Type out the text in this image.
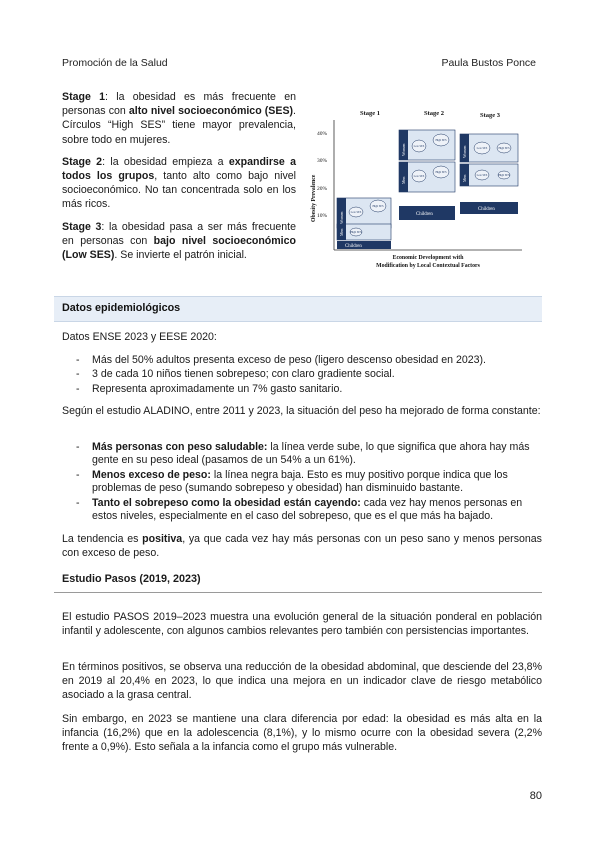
Promoción de la Salud	Paula Bustos Ponce

Stage 1: la obesidad es más frecuente en personas con alto nivel socioeconómico (SES). Círculos “High SES” tiene mayor prevalencia, sobre todo en mujeres.

Stage 2: la obesidad empieza a expandirse a todos los grupos, tanto alto como bajo nivel socioeconómico. No tan concentrada solo en los más ricos.

Stage 3: la obesidad pasa a ser más frecuente en personas con bajo nivel socioeconómico (Low SES). Se invierte el patrón inicial.

Stage 1	Stage 2	Stage 3
40%
30%
20%
10%
Obesity Prevalence	Women
Men
Children
Women
Men
Children
Women
Men
Children
Economic Development with
Modification by Local Contextual Factors
Low SES
High SES
High SES
Low SES
High SES
Low SES
High SES
Low SES	High SES
Low SES	High SES
Datos epidemiológicos
Datos ENSE 2023 y EESE 2020:
- Más del 50% adultos presenta exceso de peso (ligero descenso obesidad en 2023).
- 3 de cada 10 niños tienen sobrepeso; con claro gradiente social.
- Representa aproximadamente un 7% gasto sanitario.
Según el estudio ALADINO, entre 2011 y 2023, la situación del peso ha mejorado de forma constante:
- Más personas con peso saludable: la línea verde sube, lo que significa que ahora hay más gente en su peso ideal (pasamos de un 54% a un 61%).
- Menos exceso de peso: la línea negra baja. Esto es muy positivo porque indica que los problemas de peso (sumando sobrepeso y obesidad) han disminuido bastante.
- Tanto el sobrepeso como la obesidad están cayendo: cada vez hay menos personas en estos niveles, especialmente en el caso del sobrepeso, que es el que más ha bajado.
La tendencia es positiva, ya que cada vez hay más personas con un peso sano y menos personas con exceso de peso.
Estudio Pasos (2019, 2023)
El estudio PASOS 2019–2023 muestra una evolución general de la situación ponderal en población infantil y adolescente, con algunos cambios relevantes pero también con persistencias importantes.
En términos positivos, se observa una reducción de la obesidad abdominal, que desciende del 23,8% en 2019 al 20,4% en 2023, lo que indica una mejora en un indicador clave de riesgo metabólico asociado a la grasa central.
Sin embargo, en 2023 se mantiene una clara diferencia por edad: la obesidad es más alta en la infancia (16,2%) que en la adolescencia (8,1%), y lo mismo ocurre con la obesidad severa (2,2% frente a 0,9%). Esto señala a la infancia como el grupo más vulnerable.
80
